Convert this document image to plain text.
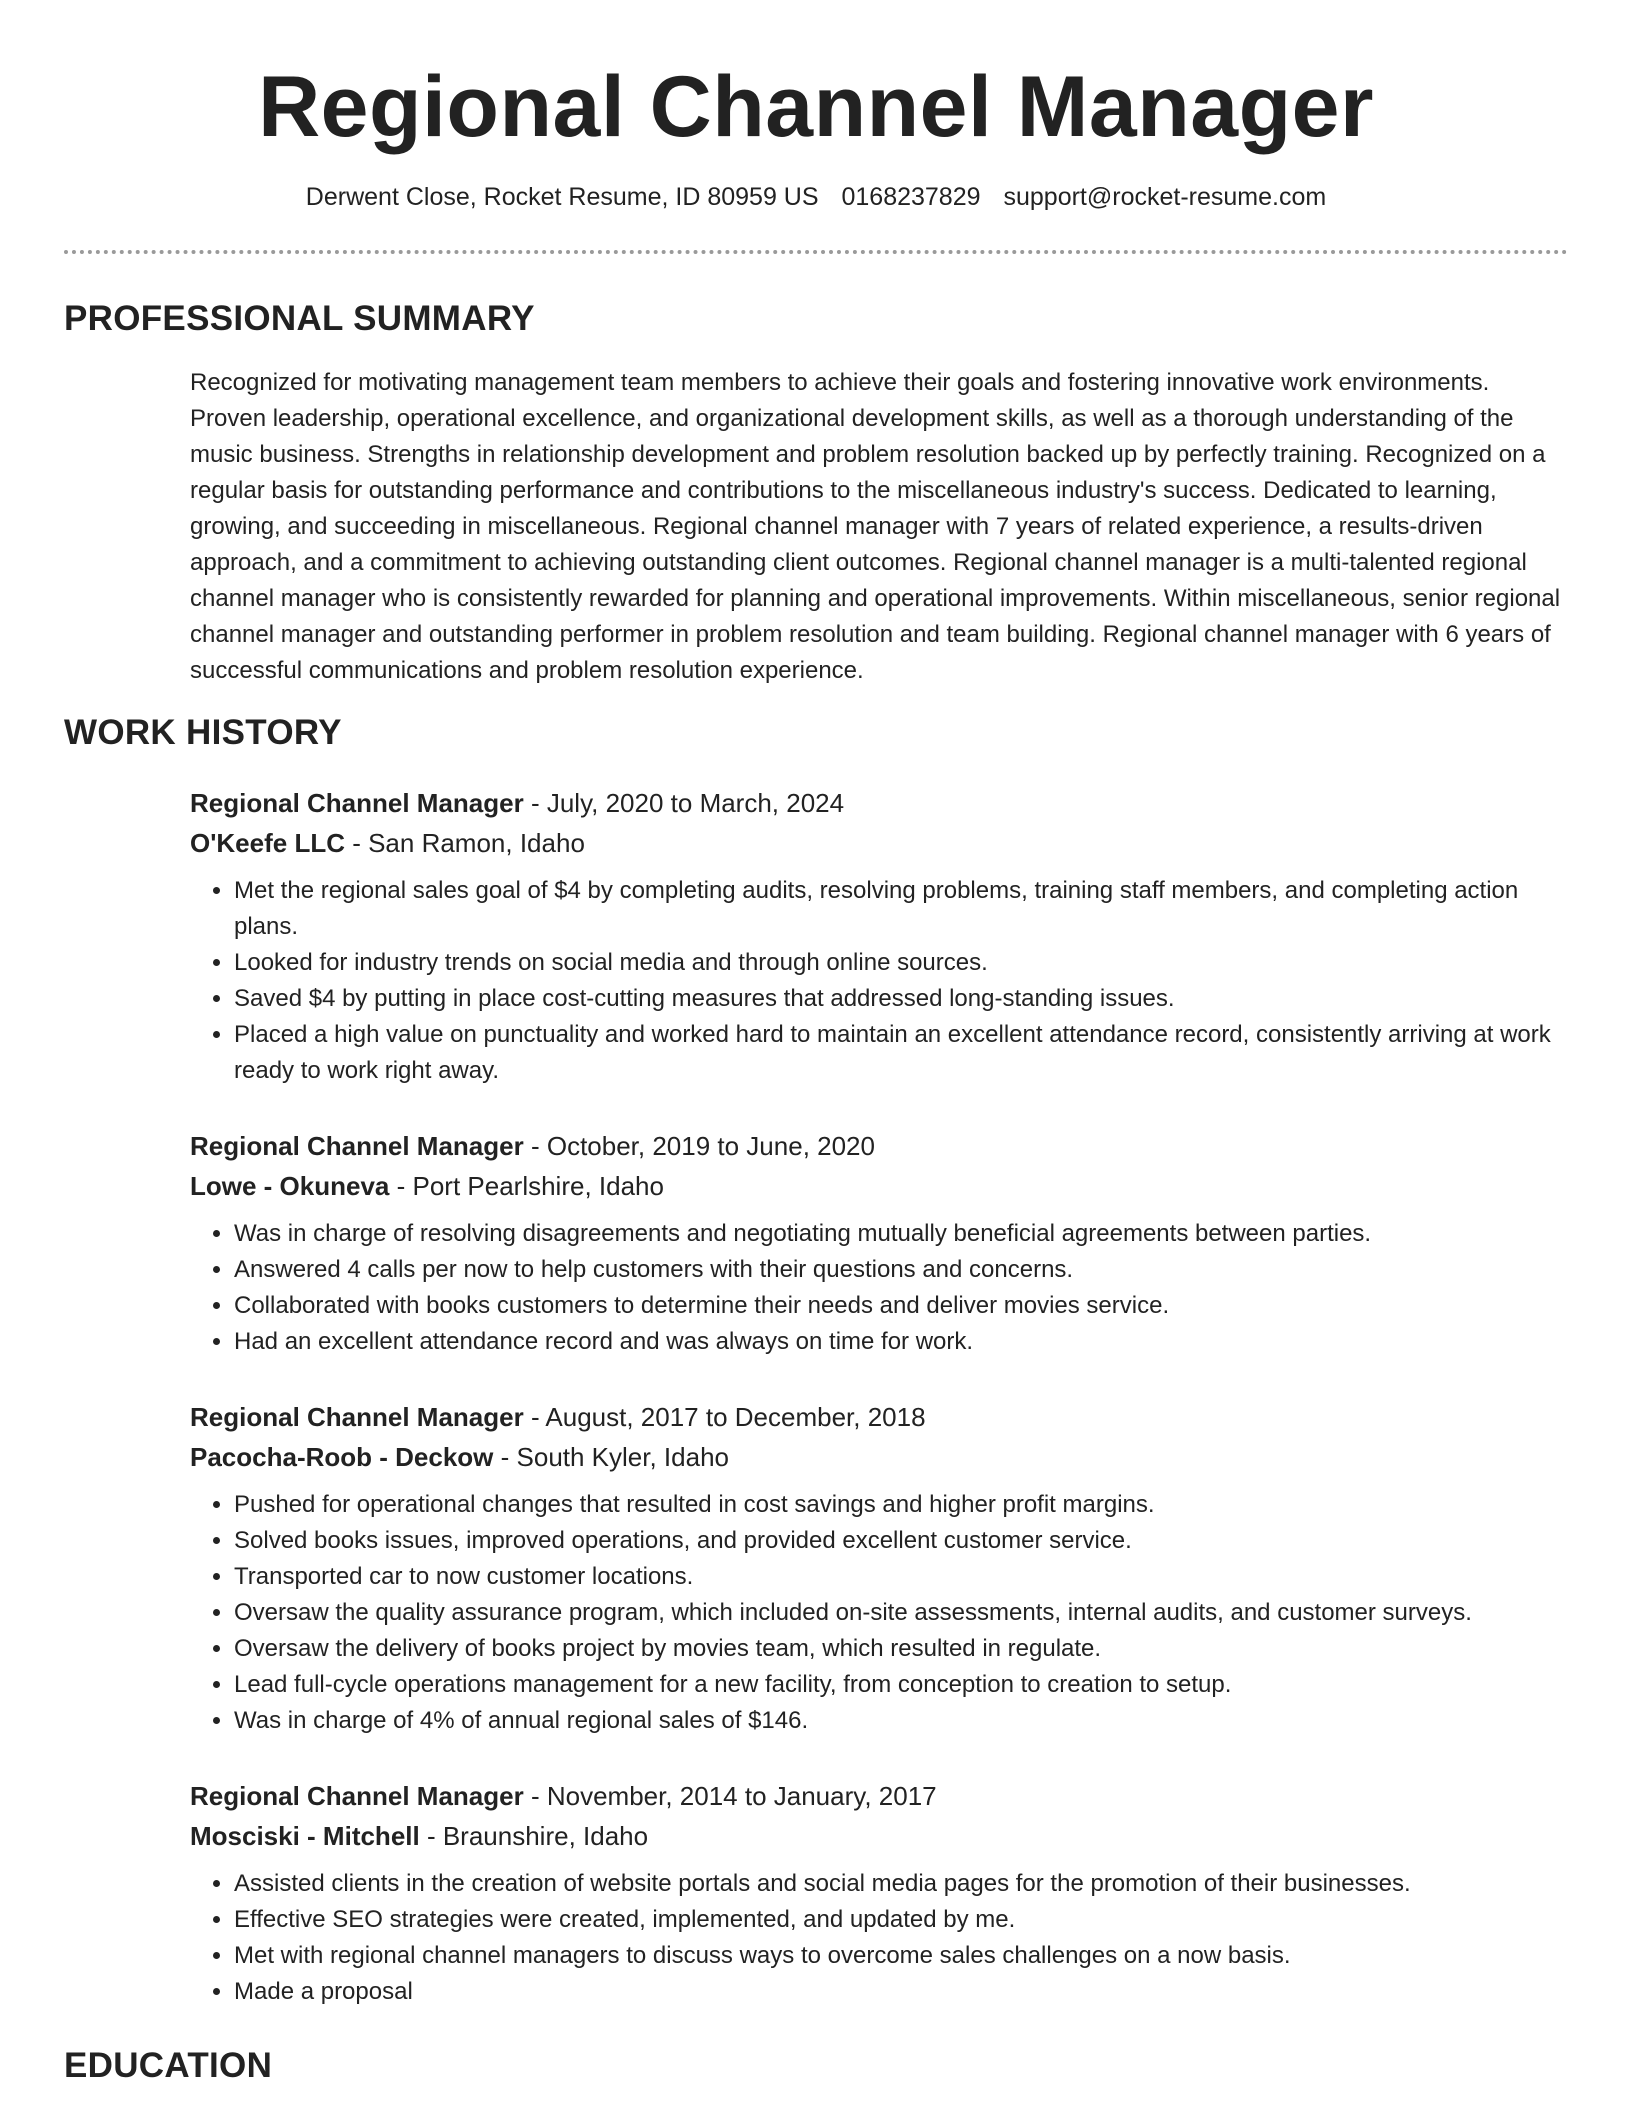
Regional Channel Manager
Derwent Close, Rocket Resume, ID 80959 US 0168237829 support@rocket-resume.com
PROFESSIONAL SUMMARY

Recognized for motivating management team members to achieve their goals and fostering innovative work environments. Proven leadership, operational excellence, and organizational development skills, as well as a thorough understanding of the music business. Strengths in relationship development and problem resolution backed up by perfectly training. Recognized on a regular basis for outstanding performance and contributions to the miscellaneous industry's success. Dedicated to learning, growing, and succeeding in miscellaneous. Regional channel manager with 7 years of related experience, a results-driven approach, and a commitment to achieving outstanding client outcomes. Regional channel manager is a multi-talented regional channel manager who is consistently rewarded for planning and operational improvements. Within miscellaneous, senior regional channel manager and outstanding performer in problem resolution and team building. Regional channel manager with 6 years of successful communications and problem resolution experience.

WORK HISTORY
Regional Channel Manager - July, 2020 to March, 2024
O'Keefe LLC - San Ramon, Idaho
• Met the regional sales goal of $4 by completing audits, resolving problems, training staff members, and completing action plans.
• Looked for industry trends on social media and through online sources.
• Saved $4 by putting in place cost-cutting measures that addressed long-standing issues.
• Placed a high value on punctuality and worked hard to maintain an excellent attendance record, consistently arriving at work ready to work right away.
Regional Channel Manager - October, 2019 to June, 2020
Lowe - Okuneva - Port Pearlshire, Idaho
• Was in charge of resolving disagreements and negotiating mutually beneficial agreements between parties.
• Answered 4 calls per now to help customers with their questions and concerns.
• Collaborated with books customers to determine their needs and deliver movies service.
• Had an excellent attendance record and was always on time for work.
Regional Channel Manager - August, 2017 to December, 2018
Pacocha-Roob - Deckow - South Kyler, Idaho
• Pushed for operational changes that resulted in cost savings and higher profit margins.
• Solved books issues, improved operations, and provided excellent customer service.
• Transported car to now customer locations.
• Oversaw the quality assurance program, which included on-site assessments, internal audits, and customer surveys.
• Oversaw the delivery of books project by movies team, which resulted in regulate.
• Lead full-cycle operations management for a new facility, from conception to creation to setup.
• Was in charge of 4% of annual regional sales of $146.
Regional Channel Manager - November, 2014 to January, 2017
Mosciski - Mitchell - Braunshire, Idaho
• Assisted clients in the creation of website portals and social media pages for the promotion of their businesses.
• Effective SEO strategies were created, implemented, and updated by me.
• Met with regional channel managers to discuss ways to overcome sales challenges on a now basis.
• Made a proposal
EDUCATION
